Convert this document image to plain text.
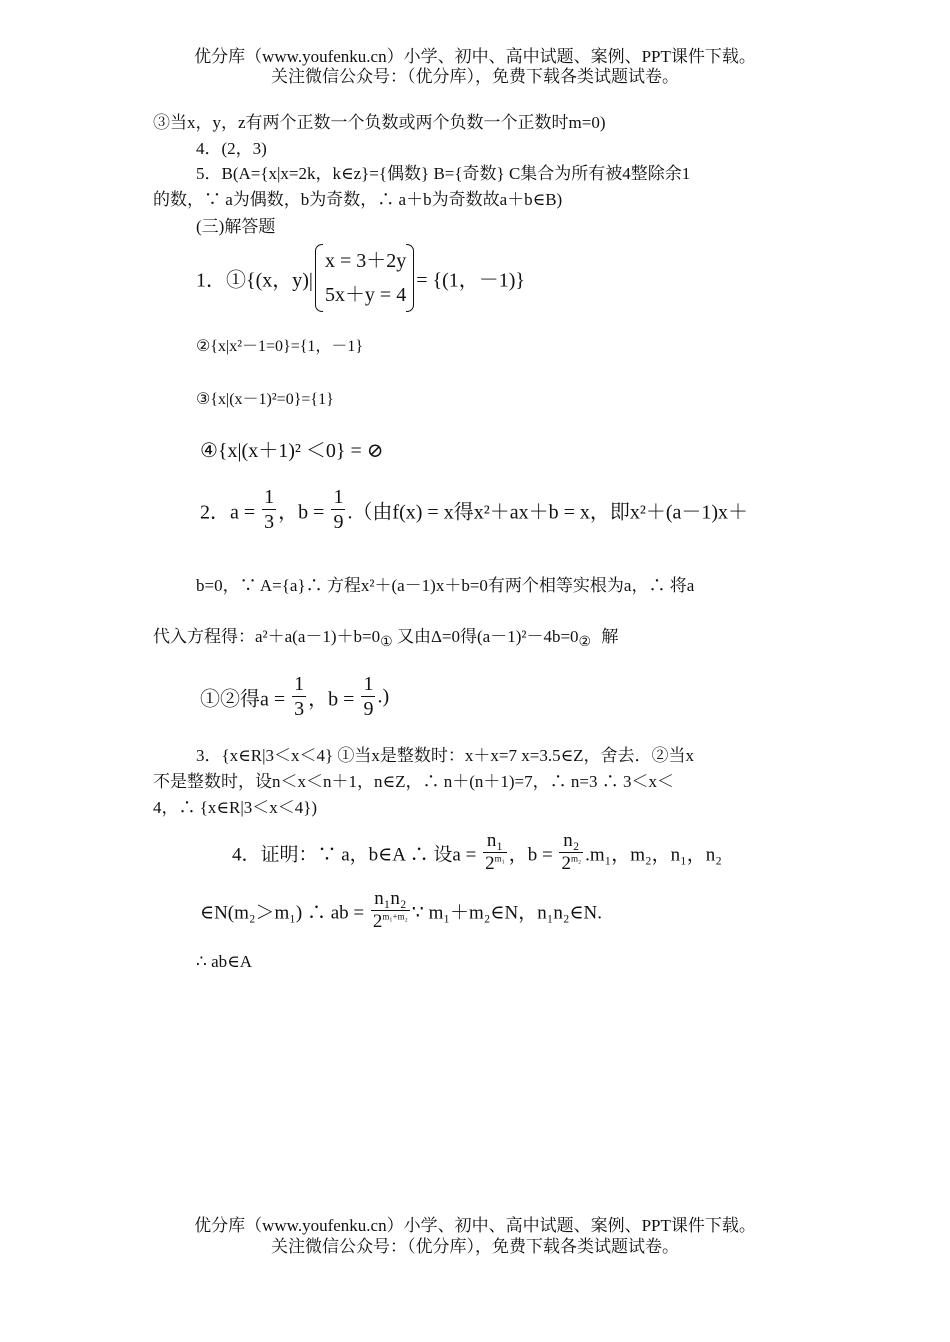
优分库（www.youfenku.cn）小学、初中、高中试题、案例、PPT课件下载。
关注微信公众号：（优分库），免费下载各类试题试卷。
③当x，y，z有两个正数一个负数或两个负数一个正数时m=0)
4．(2，3)
5．B(A={x|x=2k，k∈z}={偶数} B={奇数} C集合为所有被4整除余1
的数，∵ a为偶数，b为奇数，∴ a＋b为奇数故a＋b∈B)
(三)解答题
1．①{(x，y)|
x = 3＋2y
5x＋y = 4
= {(1，－1)}
②{x|x²－1=0}={1，－1}
③{x|(x－1)²=0}={1}
④{x|(x＋1)² ＜0} = ⊘
2．$a = \frac{1}{3}$ ，$b = \frac{1}{9}$ .（由f(x) = x得x²＋ax＋b = x，即x²＋(a－1)x＋
b=0，∵ A={a}∴ 方程x²＋(a－1)x＋b=0有两个相等实根为a，∴ 将a
代入方程得：$a^2+a(a-1)+b=0_①$ 又由Δ=0得$(a-1)^2-4b=0_②$ 解
①②得$a = \frac{1}{3}$ ，$b = \frac{1}{9}$ .)
3．{x∈R|3＜x＜4} ①当x是整数时：x＋x=7 x=3.5∈Z，舍去．②当x
不是整数时，设n＜x＜n＋1，n∈Z，∴ n＋(n＋1)=7，∴ n=3 ∴ 3＜x＜
4，∴ {x∈R|3＜x＜4})
4．证明：∵ a，b∈A ∴ 设$a = \frac{\text{n₁}}{2^{m_1}}$ ，$b = \frac{\text{n₂}}{2^{m_2}} .m_1$，m₂，n₁，n₂
∈N(m₂＞m₁) ∴ ab = $\frac{\text{n₁n₂}}{2^{m_1+m_2}}$ ∵ m₁＋m₂∈N，n₁n₂∈N.
∴ ab∈A
优分库（www.youfenku.cn）小学、初中、高中试题、案例、PPT课件下载。
关注微信公众号：（优分库），免费下载各类试题试卷。
